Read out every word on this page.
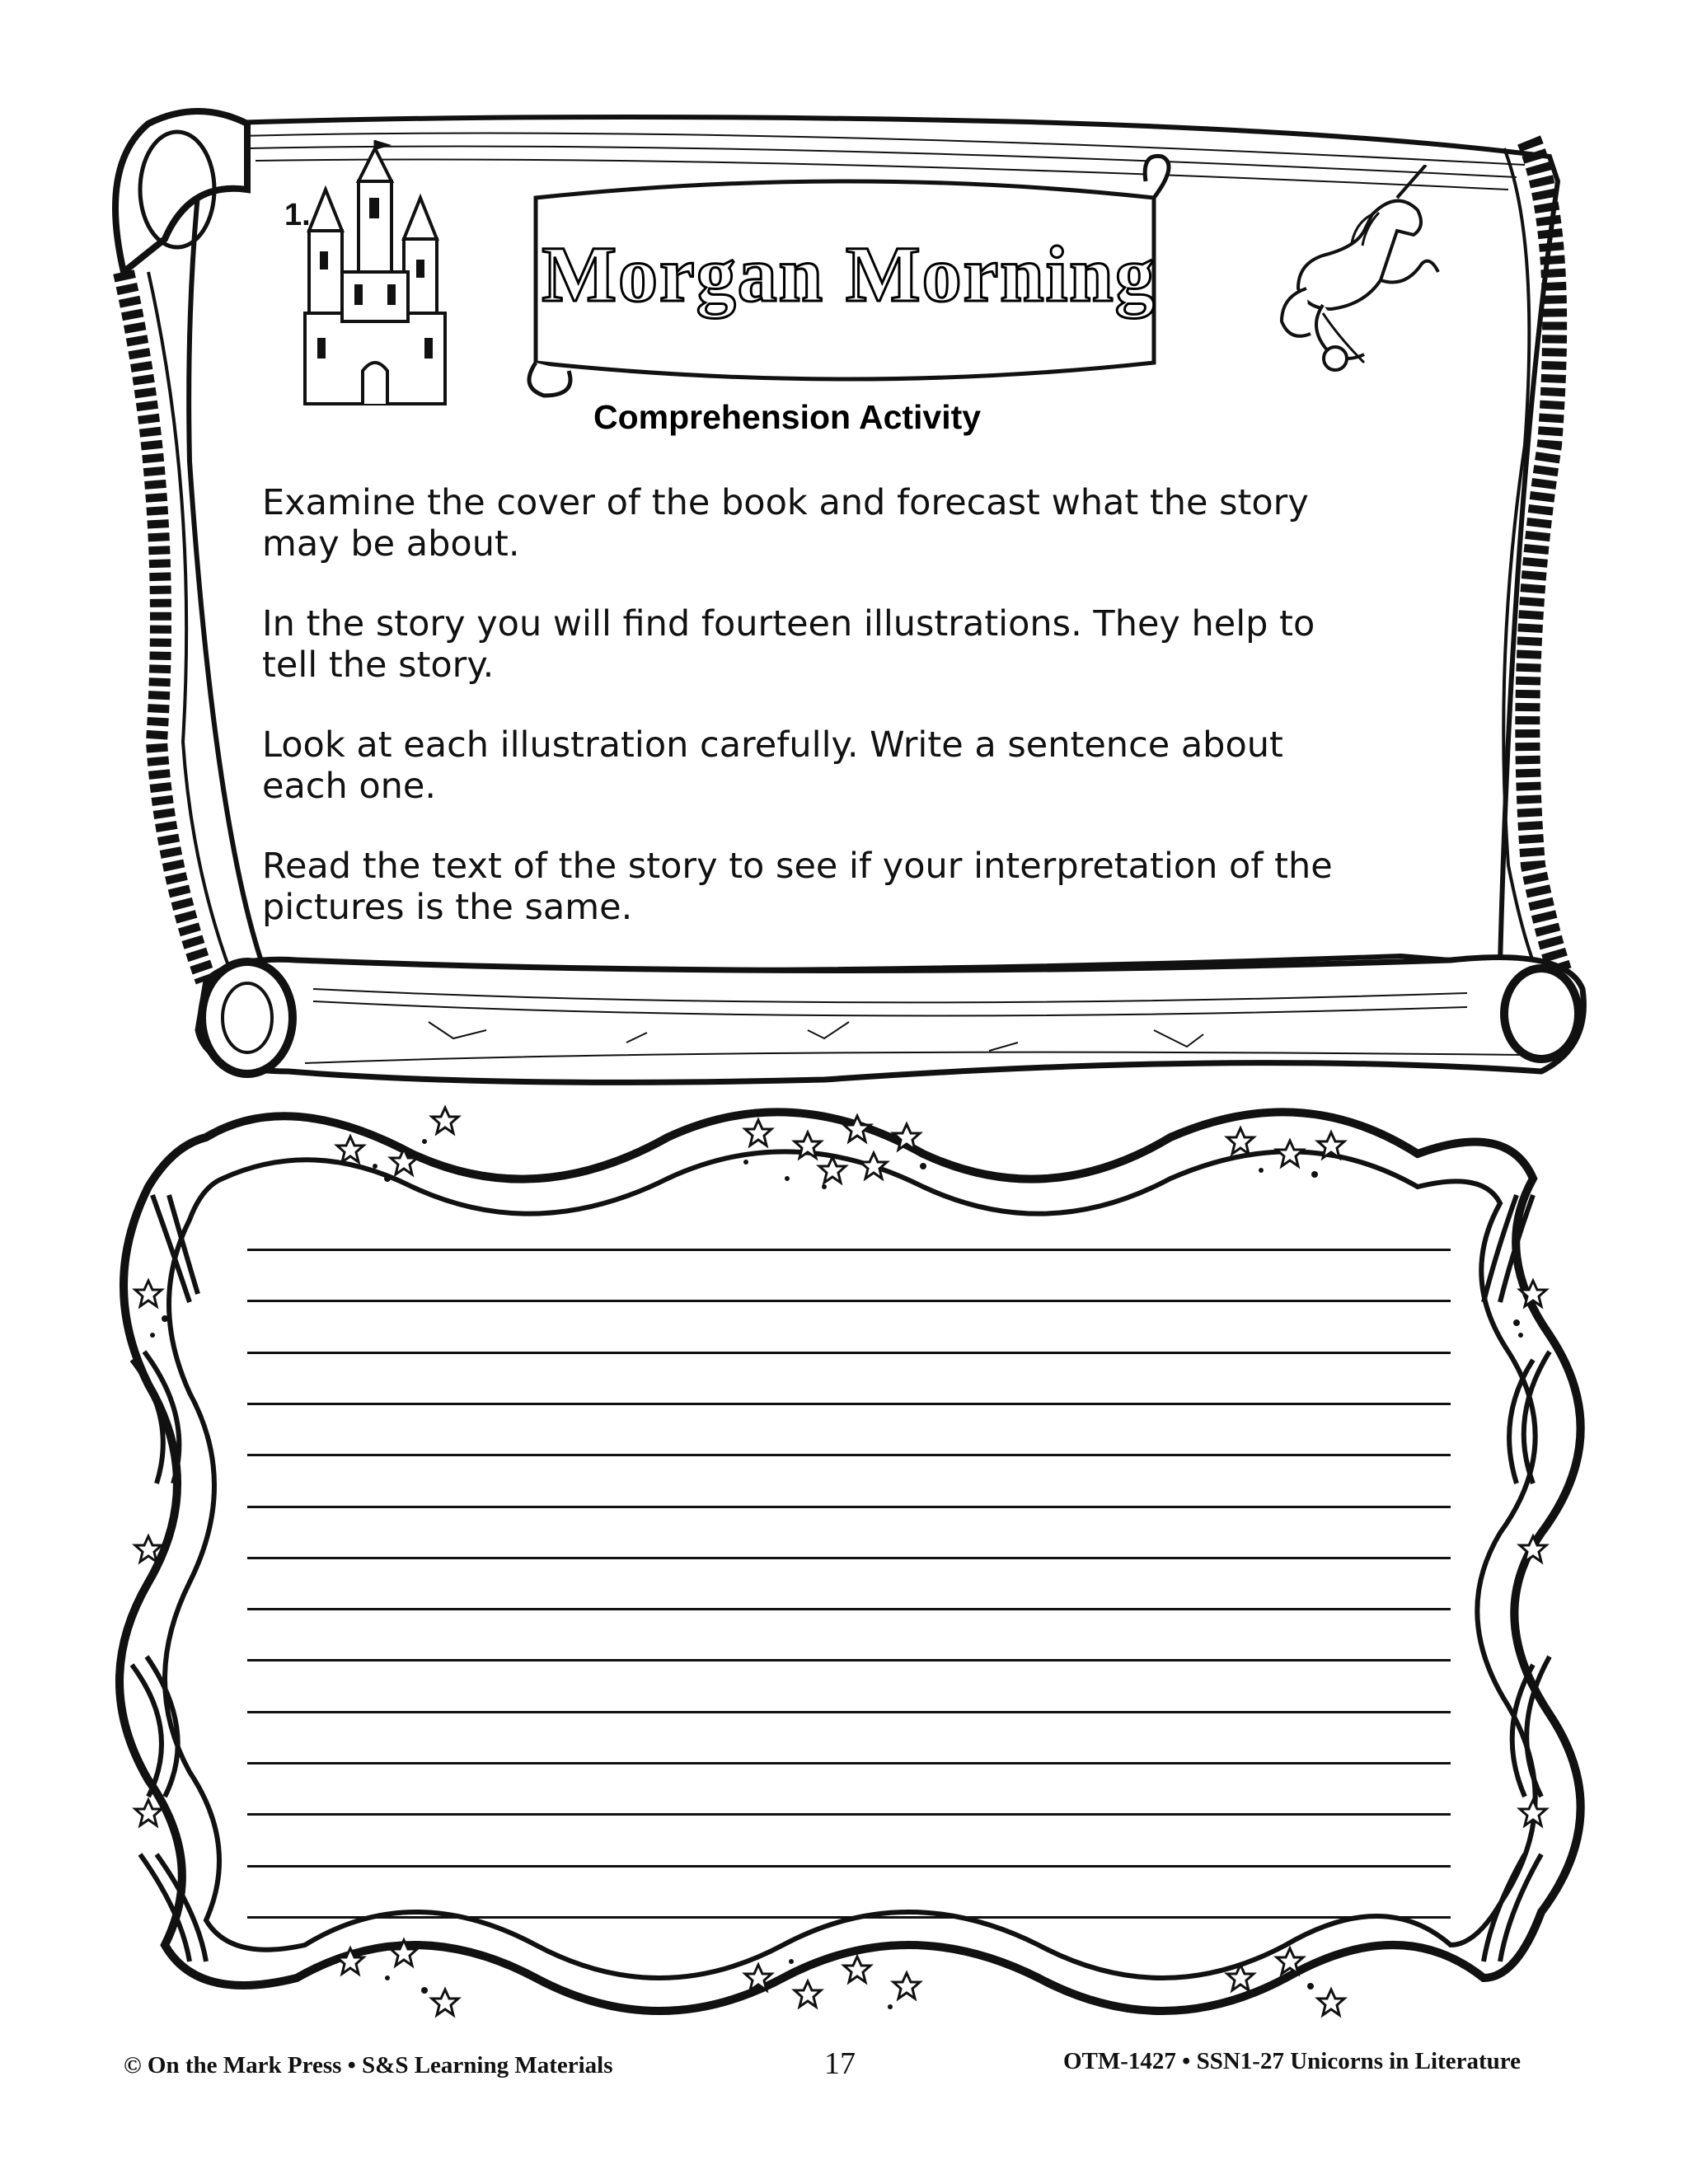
Morgan Morning
1.
Comprehension Activity

Examine the cover of the book and forecast what the story may be about.

In the story you will find fourteen illustrations. They help to tell the story.

Look at each illustration carefully. Write a sentence about each one.

Read the text of the story to see if your interpretation of the pictures is the same.

© On the Mark Press • S&S Learning Materials	17	OTM-1427 • SSN1-27 Unicorns in Literature
